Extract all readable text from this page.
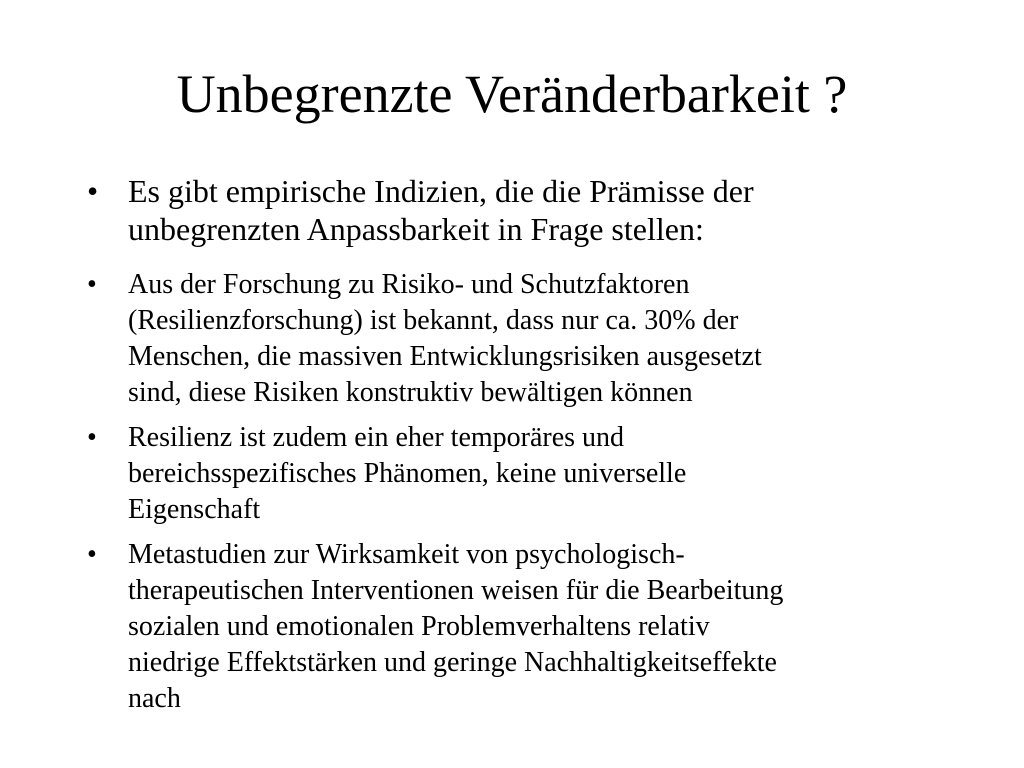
Unbegrenzte Veränderbarkeit ?
• Es gibt empirische Indizien, die die Prämisse der
unbegrenzten Anpassbarkeit in Frage stellen:
• Aus der Forschung zu Risiko- und Schutzfaktoren
(Resilienzforschung) ist bekannt, dass nur ca. 30% der
Menschen, die massiven Entwicklungsrisiken ausgesetzt
sind, diese Risiken konstruktiv bewältigen können
• Resilienz ist zudem ein eher temporäres und
bereichsspezifisches Phänomen, keine universelle
Eigenschaft
• Metastudien zur Wirksamkeit von psychologisch-
therapeutischen Interventionen weisen für die Bearbeitung
sozialen und emotionalen Problemverhaltens relativ
niedrige Effektstärken und geringe Nachhaltigkeitseffekte
nach
